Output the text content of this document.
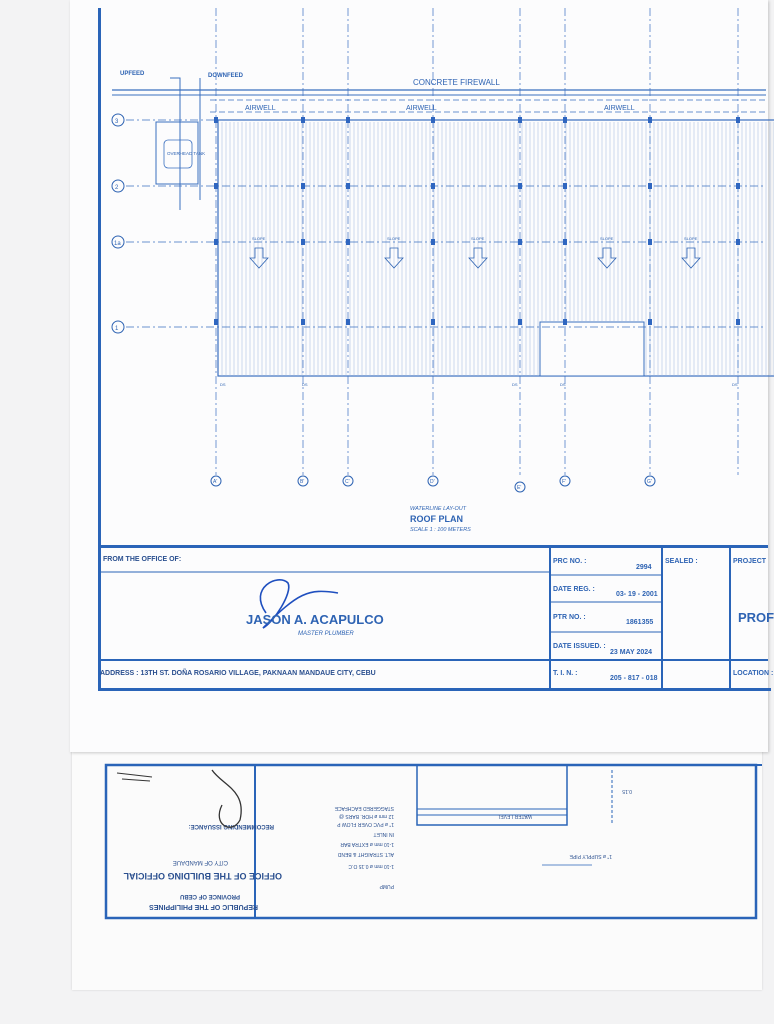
REPUBLIC OF THE PHILIPPINES
PROVINCE OF CEBU
OFFICE OF THE BUILDING OFFICIAL
CITY OF MANDAUE
RECOMMENDING ISSUANCE:
PUMP
1-10 mm ø 0.15 O.C
ALT. STRAIGHT & BEND
1-10 mm ø EXTRA BAR
IN INLET
1" ø PVC OVER FLOW P
12 mm ø HOR. BARS @
STAGGERED EACHFACE
WATER LEVEL
1" ø SUPPLY PIPE
0.15
UPFEED	DOWNFEED
CONCRETE FIREWALL
AIRWELL	AIRWELL	AIRWELL
OVERHEAD TANK
3
2
1a
1
A'	B'	C'	D'
E'
F'	G'
SLOPE	SLOPE	SLOPE	SLOPE	SLOPE
DS	DS	DS	DS	DS
WATERLINE LAY-OUT
ROOF PLAN
SCALE 1 : 100 METERS
FROM THE OFFICE OF:
JASON A. ACAPULCO
MASTER PLUMBER
ADDRESS : 13TH ST. DOÑA ROSARIO VILLAGE, PAKNAAN MANDAUE CITY, CEBU
PRC NO. :
2994
DATE REG. :
03- 19 - 2001
PTR NO. :
1861355
DATE ISSUED. :
23 MAY 2024
T. I. N. :
205 - 817 - 018
SEALED :	PROJECT
PROF
LOCATION :
